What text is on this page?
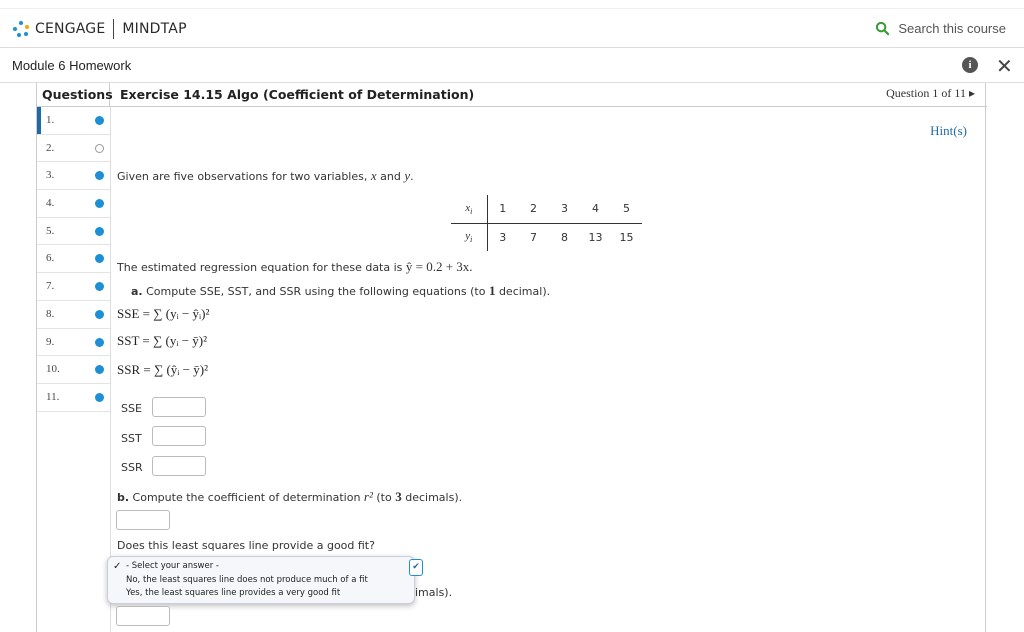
CENGAGE MINDTAP	Search this course
Module 6 Homework	i	✕
Questions
1.
2.
3.
4.
5.
6.
7.
8.
9.
10.
11.
Exercise 14.15 Algo (Coefficient of Determination)	Question 1 of 11 ▸
Hint(s)
Given are five observations for two variables, x and y.
$x_i$	1	2	3	4	5
$y_i$	3	7	8	13	15
The estimated regression equation for these data is ŷ = 0.2 + 3x.
a. Compute SSE, SST, and SSR using the following equations (to 1 decimal).
SSE = ∑ (yᵢ − ŷᵢ)²
SST = ∑ (yᵢ − ȳ)²
SSR = ∑ (ŷᵢ − ȳ)²
SSE
SST
SSR
b. Compute the coefficient of determination r² (to 3 decimals).
Does this least squares line provide a good fit?
✓ - Select your answer -
No, the least squares line does not produce much of a fit
Yes, the least squares line provides a very good fit
✔
imals).
